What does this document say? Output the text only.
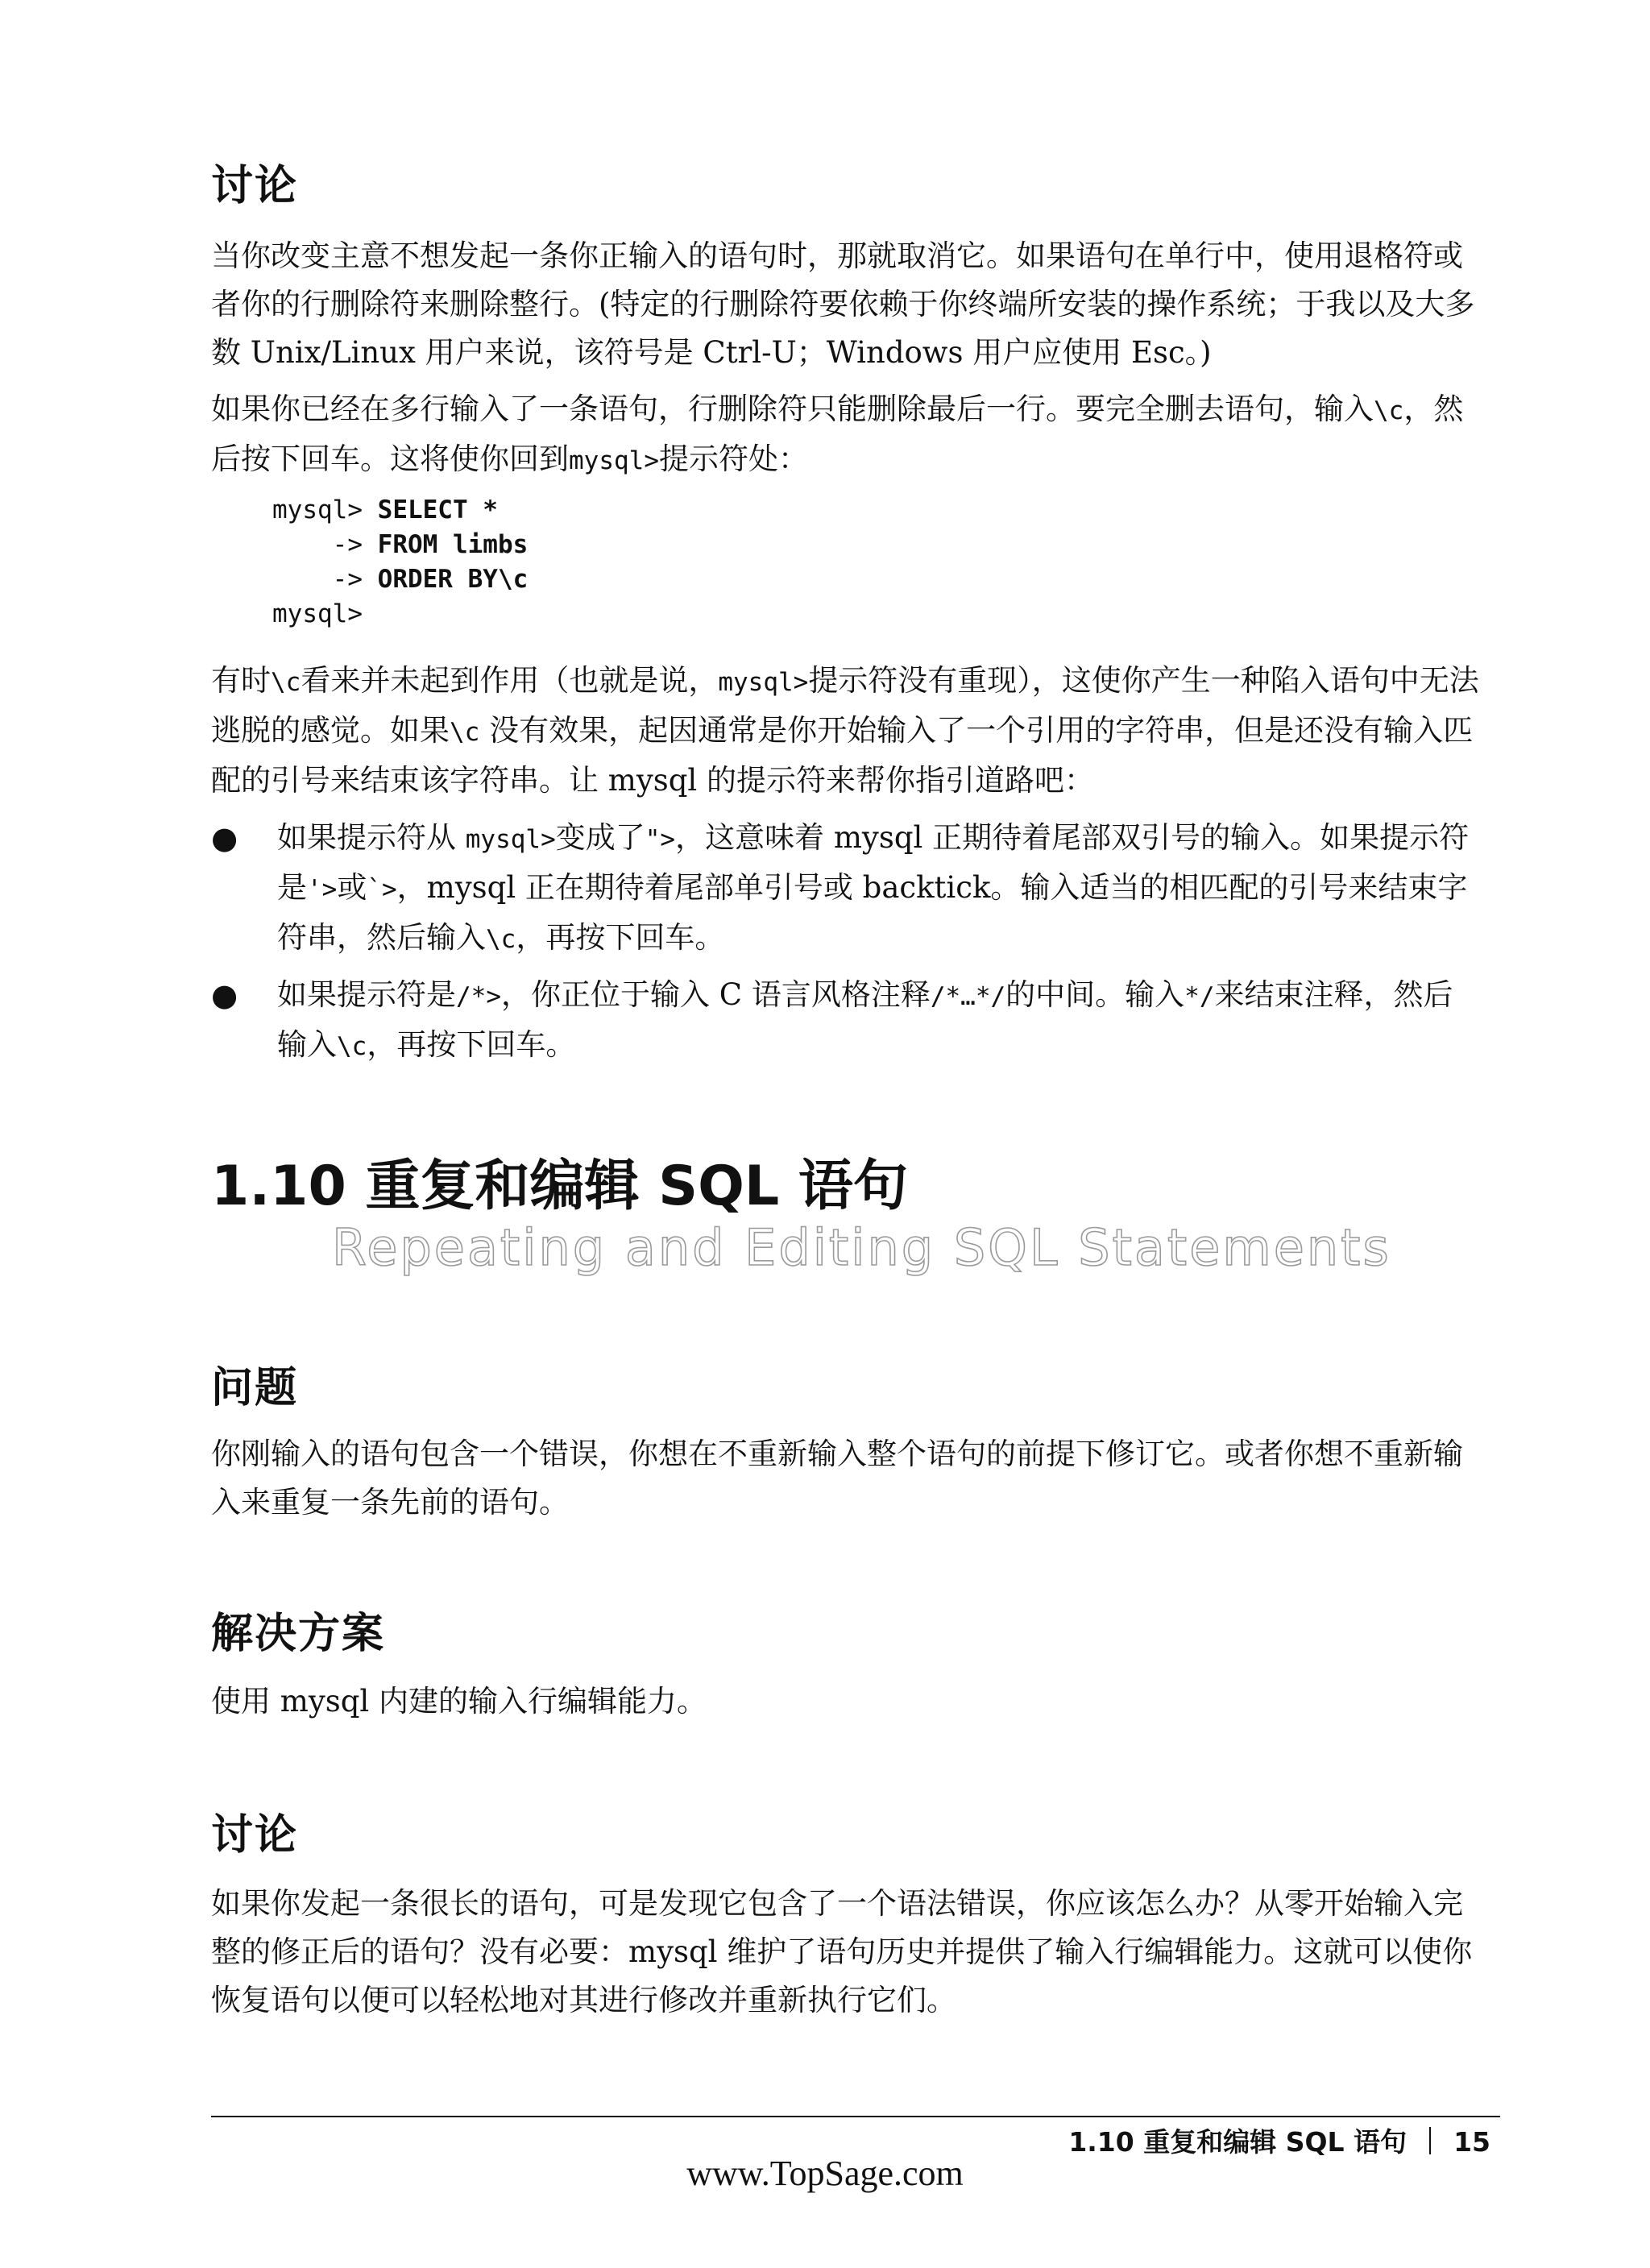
讨论

当你改变主意不想发起一条你正输入的语句时，那就取消它。如果语句在单行中，使用退格符或者你的行删除符来删除整行。(特定的行删除符要依赖于你终端所安装的操作系统；于我以及大多数 Unix/Linux 用户来说，该符号是 Ctrl-U；Windows 用户应使用 Esc。)

如果你已经在多行输入了一条语句，行删除符只能删除最后一行。要完全删去语句，输入\c，然后按下回车。这将使你回到mysql>提示符处：

mysql> SELECT *
-> FROM limbs
-> ORDER BY\c
mysql>

有时\c看来并未起到作用（也就是说，mysql>提示符没有重现），这使你产生一种陷入语句中无法逃脱的感觉。如果\c 没有效果，起因通常是你开始输入了一个引用的字符串，但是还没有输入匹配的引号来结束该字符串。让 mysql 的提示符来帮你指引道路吧：

● 如果提示符从 mysql>变成了">，这意味着 mysql 正期待着尾部双引号的输入。如果提示符是'>或`>，mysql 正在期待着尾部单引号或 backtick。输入适当的相匹配的引号来结束字符串，然后输入\c，再按下回车。

● 如果提示符是/*>，你正位于输入 C 语言风格注释/*…*/的中间。输入*/来结束注释，然后输入\c，再按下回车。

1.10 重复和编辑 SQL 语句

Repeating and Editing SQL Statements

问题

你刚输入的语句包含一个错误，你想在不重新输入整个语句的前提下修订它。或者你想不重新输入来重复一条先前的语句。

解决方案

使用 mysql 内建的输入行编辑能力。

讨论

如果你发起一条很长的语句，可是发现它包含了一个语法错误，你应该怎么办？从零开始输入完整的修正后的语句？没有必要：mysql 维护了语句历史并提供了输入行编辑能力。这就可以使你恢复语句以便可以轻松地对其进行修改并重新执行它们。

1.10 重复和编辑 SQL 语句 15

www.TopSage.com
